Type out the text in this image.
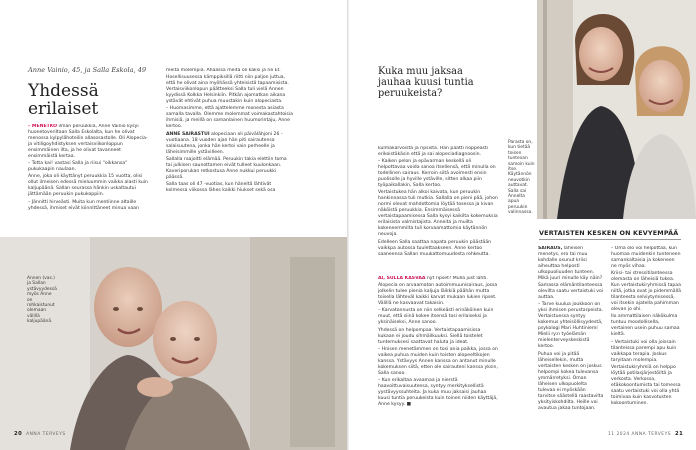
Anne Vainio, 45, ja Salla Eskola, 49
Yhdessä erilaiset

– MENETKÖ ilman peruukkia, Anne Vainio kysyi huonetoveriltaan Salla Eskolalta, kun he olivat menossa kylpylähoteilin allasosastolle. Oli Alopecia- ja vitiligoyhdistyksen vertaisviikonloppun ensimmäinen ilta, ja he olivat tavanneet ensimmäistä kertaa.

– Totta kai! vastasi Salla ja riisui "oikkansa" pukukaapin naulaan.

Anne, joka oli käyttänyt peruukkia 15 vuotta, olisi ollut ilmeisen edessä mieluummin vaikka alasti kuin kaljupäänä. Sallan seurassa hänkin uskaltautui jättämään peruukin pukukoppiin.

– Jännitti hirveästi. Muita kun mentiinne altaille yhdessä, ihmiset eivät kiinnittäneet minua vaan

meitä molempia. Ahaassa meitä oli kaksi ja ne Et.

Hosellisuusessa kämppiksillä riitti niin paljon juttua, että he olivat aina myöhässä yhteisistä tapaamisista. Vertaisviikonlopun päätteeksi Salla tuli vielä Annen kyydissä Kolkka Helsinkiin. Pitkän ajomatkan aikana ystävät ehtivät puhua muustakin kuin alopeciasta.

– Huomasimme, että ajattelemme monesta asiasta samalla tavalla. Olemme molemmat voimakastahtoisia ihmisiä, ja meillä on samanlainen huumorintaju, Anne kertoo.

ANNE SAIRASTUI alopeciaan oli päivälähjoni 26 -vuotiaana. 18 vuoden ajan hän piti sairautensa salaisuutena, jonka hän kertoi vain perheelle ja läheisimmille ystävilleen.

Sallalla raajoitti elämää. Peruukin takia elettiin toma tai julkisen saunottamen eivät tulleet kuulonkaan. Kaveriporukan retkostusa Anne nukkui peruukki päässä.

Salla taas oli 47 -vuotias, kun häneltä lähtivät kolmessa viikossa lähes kaikki hiukset sekä osa

Annen (vas.) ja Sallan ystävyydessä myös Anne on rohkaistunut olemaan välillä kaljupäänä.
20 ANNA TERVEYS
Kuka muu jaksaa jauhaa kuusi tuntia peruukeista?

kulmakarvoista ja ripsistä. Hän päätti noppeasti erikoistäkäsin että ja sai alopeciadiagnoosin.

– Kaiken pelon ja epävarman keskellä oli helpottavaa voida sanoa itsellensä, että minulla on todellinen sairaus. Kerroin siitä avoimesti ensin puolisolle ja hyville ystäville, sitten alkaa piin työpaikallakin, Salla kertoo.

Vertaistukea hän alkoi kaivata, kun peruukin hankinnassa tuli mutkia. Sallalla on pieni pää, johon normi olevat mahdottomia löytää tosessa ja kivan näköistä peruukkia. Ensimmäisessä vertaistapaamisessa Salla kysyi kaikilta kokemuksia erilaisista valmistajista. Anneita ja muilta kokeneemmilta tuli korvaamattomia käytännön neuvoja.

Edelleen Salla saattaa napata peruukin päästään vaikkpa autossa tuulettaakseen. Anne kertoo saaneensa Sallan muukattomuudesta rohkeutta.

AI, SULLA KASVAA nyt ripset? Mulla just lähti.

Alopecia on arvaamaton autoimmuunisairaus, jossa jolkelin tulee pienia kaljuja läikkiä päähän mutta toisella lähteväl kaikki karvat mukaan lukien ripset. Välillä ne kasvaavat takaisin.

– Karvatonnusta on niin selkeästi erinäköinen kuin muut, että siinä kokee itsensä tosi erilaiseksi ja yksinäiseksi, Anne sanoo.

Yhdessä on helpompaa. Vertaistapaamisissa kukaan ei joudu sihmäilkuuksi. Siellä toistelet tuntemuksesi saattavat haluta ja ideat.

– Hnisen menetämmen on tosi ania paikka, jossa on vaikea puhua muiden kuin toisten alopeeltikojen kanssa. Ystävyys Annen kanssa on antanut minulle kokemuksen siitä, etten ole sairauteni kanssa yksin, Salla sanoo.

– Kun erikaltaa avaamaa ja nierstä haavoittuvaisuutensa, syntyy merkityksellistä yystävyyssuhteita. Ja kuka muu jaksaisi jauhaa kuusi tuntia peruukeista kuin toinen niiden käyttäjä, Anne kysyy. ■

Parasta on, kun tietää toisen tuntevan samoin kuin itse. Käytännön neuvotkin auttavat. Salla sai Annelta apua peruukin valinnassa.
VERTAISTEN KESKEN ON KEVYEMPÄÄ

SAIRAUS, läheisen menetys, ero tai muu kohdalle osunut kriisi aiheuttaa helposti ulkopuoliuuden tunteen. Mikä juuri minulle käy näin?

Samassa elämäntilanteessa olevilta saatu vertaistuki voi auttaa.

– Tarve kuulua joukkoon on yksi ihmisen perustarpeista. Vertaistuessa syntyy kokemus yhteisöllisyydestä, psykologi Mari Huhtiniemi Mielii ry:n työelämän mielenterveyskeskistä kertoo.

Puhua voi ja pitää läheisellekin, mutta vertaisten kesken on joskus helpompi kokea tulevansa ymmärretyksi. Oman läheisen ulkopuolelta tulevaa ei myöskään tarvitse säästellä raastavilta yksityiskohdilta. Heille voi avautua jakaa tuntojaan.

– Oma olo voi helpottaa, kun huomaa muidenkin tunteneen samankaltaisia ja kokeneen ne myös vihaa.

Kriisi- tai stressitilanteessa olemasta on läheisiä tukea. Kun vertaistukiryhmissä tapaa niitä, jotka ovat jo pidemmällä tilanteesta selviytymisessä, voi itsekin ajatella pahimman olevan jo ohi.

Ilo ammattilaisen näkökulma tuntuu moodollisella, vertainen usein puhuu samaa kieltä.

– Vertaistuki voi olla joissain tilanteissa parempi apu kuin vaikkapa terapia. Joskus taryitaan molempia.

Vertaistukiryhmiä on helppo löytää potilasjärjestöiltä ja verkosta. Verkossa, etäkokoontumista tai tomessa saatu vertaistuki voi olla yhtä toimivaa kuin kasvotusten kokoontuminen.

11 2024 ANNA TERVEYS 21
